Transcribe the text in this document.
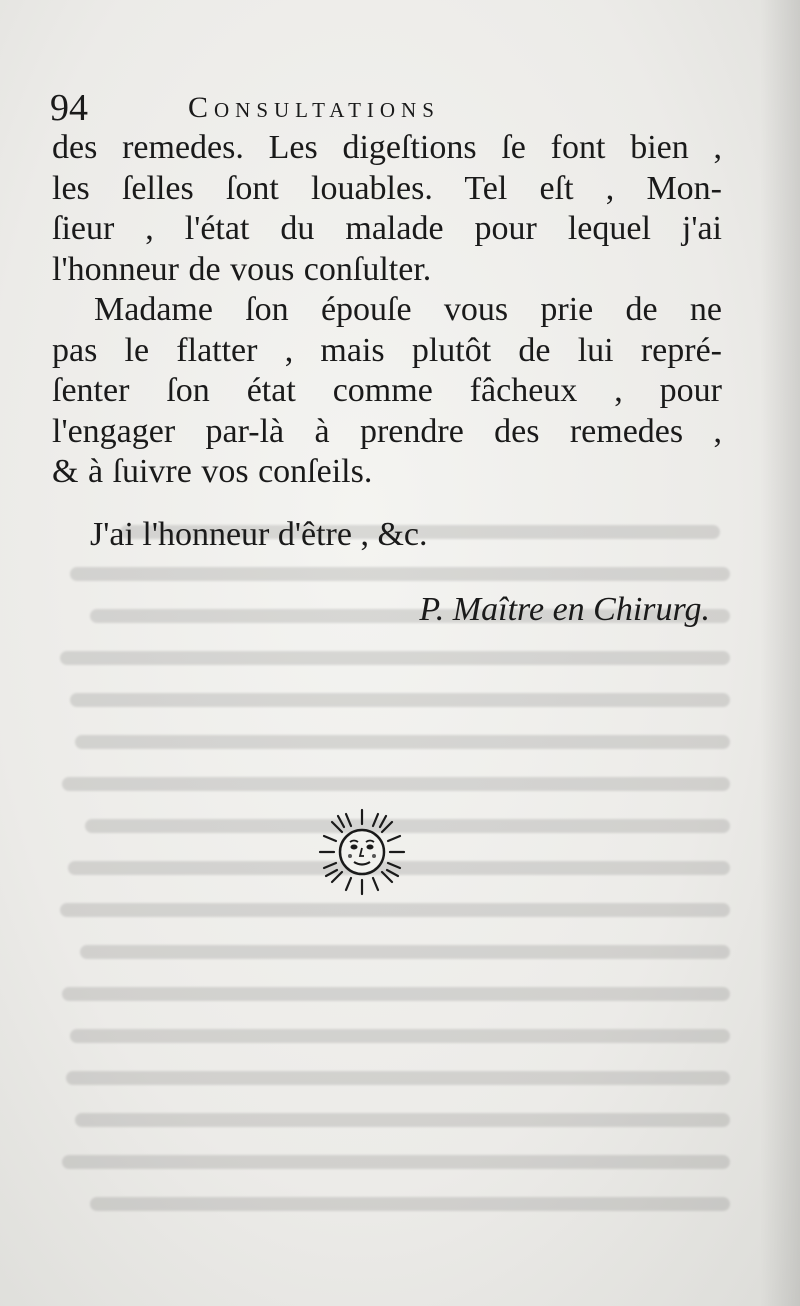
94	Consultations

des remedes. Les digeſtions ſe font bien ,
les ſelles ſont louables. Tel eſt , Mon-
ſieur , l'état du malade pour lequel j'ai
l'honneur de vous conſulter.

Madame ſon épouſe vous prie de ne
pas le flatter , mais plutôt de lui repré-
ſenter ſon état comme fâcheux , pour
l'engager par-là à prendre des remedes ,
& à ſuivre vos conſeils.

J'ai l'honneur d'être , &c.
P. Maître en Chirurg.
